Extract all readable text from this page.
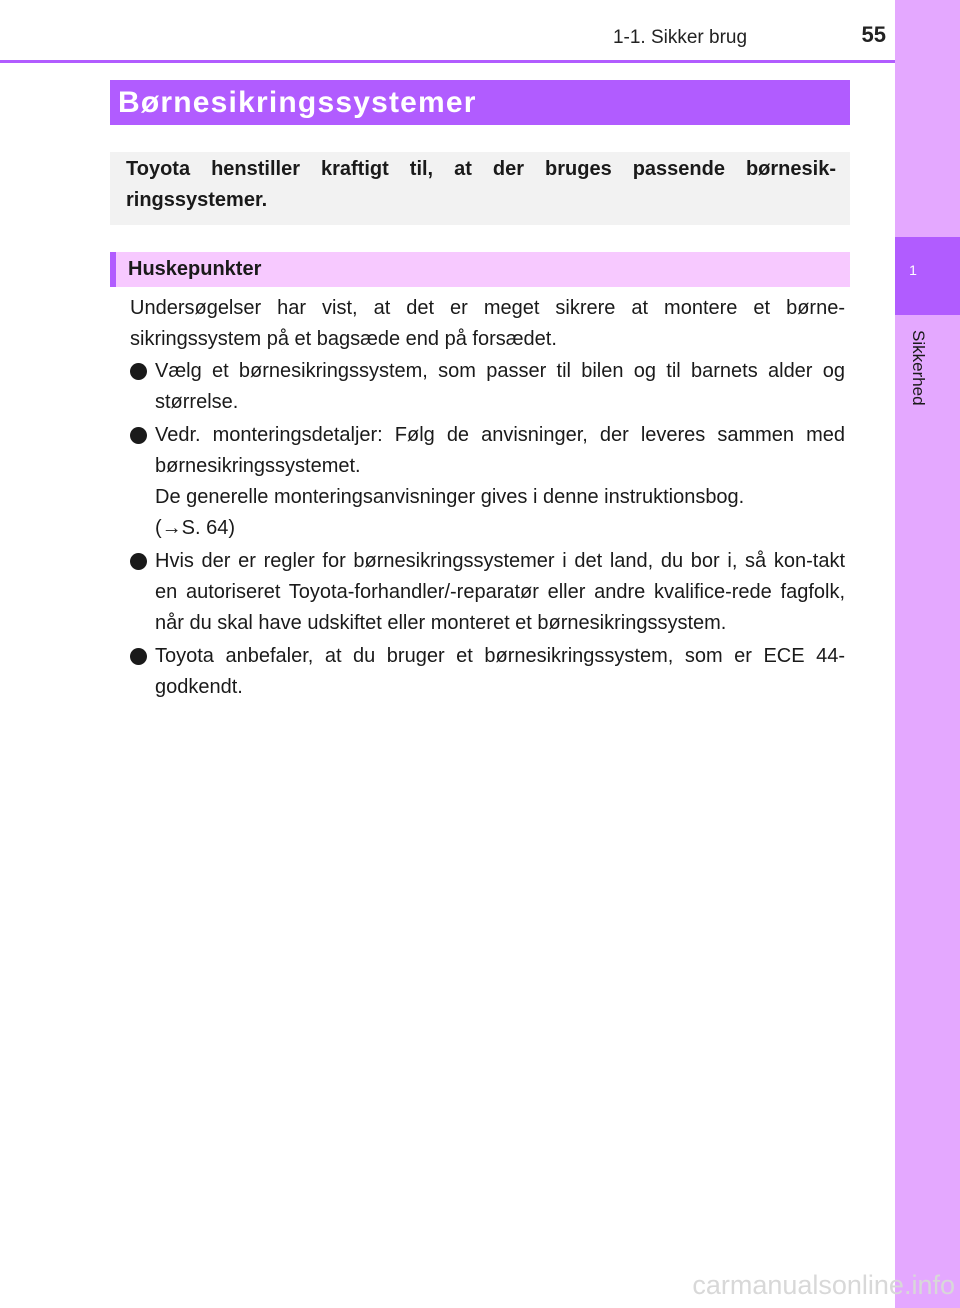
1-1. Sikker brug	55
1
Sikkerhed
Børnesikringssystemer
Toyota henstiller kraftigt til, at der bruges passende børnesik-ringssystemer.
Huskepunkter

Undersøgelser har vist, at det er meget sikrere at montere et børne-sikringssystem på et bagsæde end på forsædet.

Vælg et børnesikringssystem, som passer til bilen og til barnets alder og størrelse.
Vedr. monteringsdetaljer: Følg de anvisninger, der leveres sammen med børnesikringssystemet.
De generelle monteringsanvisninger gives i denne instruktionsbog.
(→S. 64)
Hvis der er regler for børnesikringssystemer i det land, du bor i, så kon-takt en autoriseret Toyota-forhandler/-reparatør eller andre kvalifice-rede fagfolk, når du skal have udskiftet eller monteret et børnesikringssystem.
Toyota anbefaler, at du bruger et børnesikringssystem, som er ECE 44-godkendt.
carmanualsonline.info
